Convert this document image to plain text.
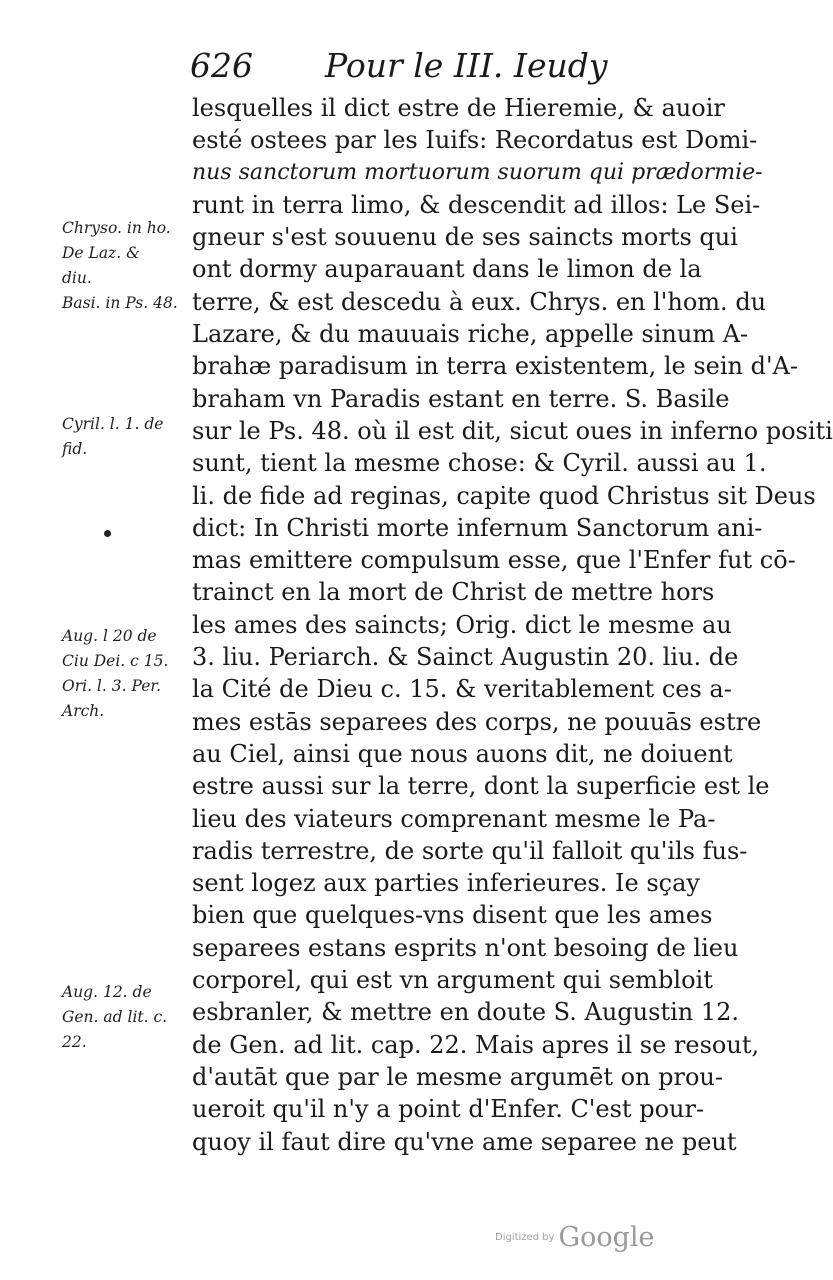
626 Pour le III. Ieudy
Chryso. in ho.
De Laz. &
diu.
Basi. in Ps. 48.
Cyril. l. 1. de
fid.
Aug. l 20 de
Ciu Dei. c 15.
Ori. l. 3. Per.
Arch.
Aug. 12. de
Gen. ad lit. c.
22.
lesquelles il dict estre de Hieremie, & auoir
esté ostees par les Iuifs: Recordatus est Domi-
nus sanctorum mortuorum suorum qui prædormie-
runt in terra limo, & descendit ad illos: Le Sei-
gneur s'est souuenu de ses saincts morts qui
ont dormy auparauant dans le limon de la
terre, & est descedu à eux. Chrys. en l'hom. du
Lazare, & du mauuais riche, appelle sinum A-
brahæ paradisum in terra existentem, le sein d'A-
braham vn Paradis estant en terre. S. Basile
sur le Ps. 48. où il est dit, sicut oues in inferno positi
sunt, tient la mesme chose: & Cyril. aussi au 1.
li. de fide ad reginas, capite quod Christus sit Deus
dict: In Christi morte infernum Sanctorum ani-
mas emittere compulsum esse, que l'Enfer fut cō-
trainct en la mort de Christ de mettre hors
les ames des saincts; Orig. dict le mesme au
3. liu. Periarch. & Sainct Augustin 20. liu. de
la Cité de Dieu c. 15. & veritablement ces a-
mes estās separees des corps, ne pouuās estre
au Ciel, ainsi que nous auons dit, ne doiuent
estre aussi sur la terre, dont la superficie est le
lieu des viateurs comprenant mesme le Pa-
radis terrestre, de sorte qu'il falloit qu'ils fus-
sent logez aux parties inferieures. Ie sçay
bien que quelques-vns disent que les ames
separees estans esprits n'ont besoing de lieu
corporel, qui est vn argument qui sembloit
esbranler, & mettre en doute S. Augustin 12.
de Gen. ad lit. cap. 22. Mais apres il se resout,
d'autāt que par le mesme argumēt on prou-
ueroit qu'il n'y a point d'Enfer. C'est pour-
quoy il faut dire qu'vne ame separee ne peut
$^{Digitized by}$ Google
